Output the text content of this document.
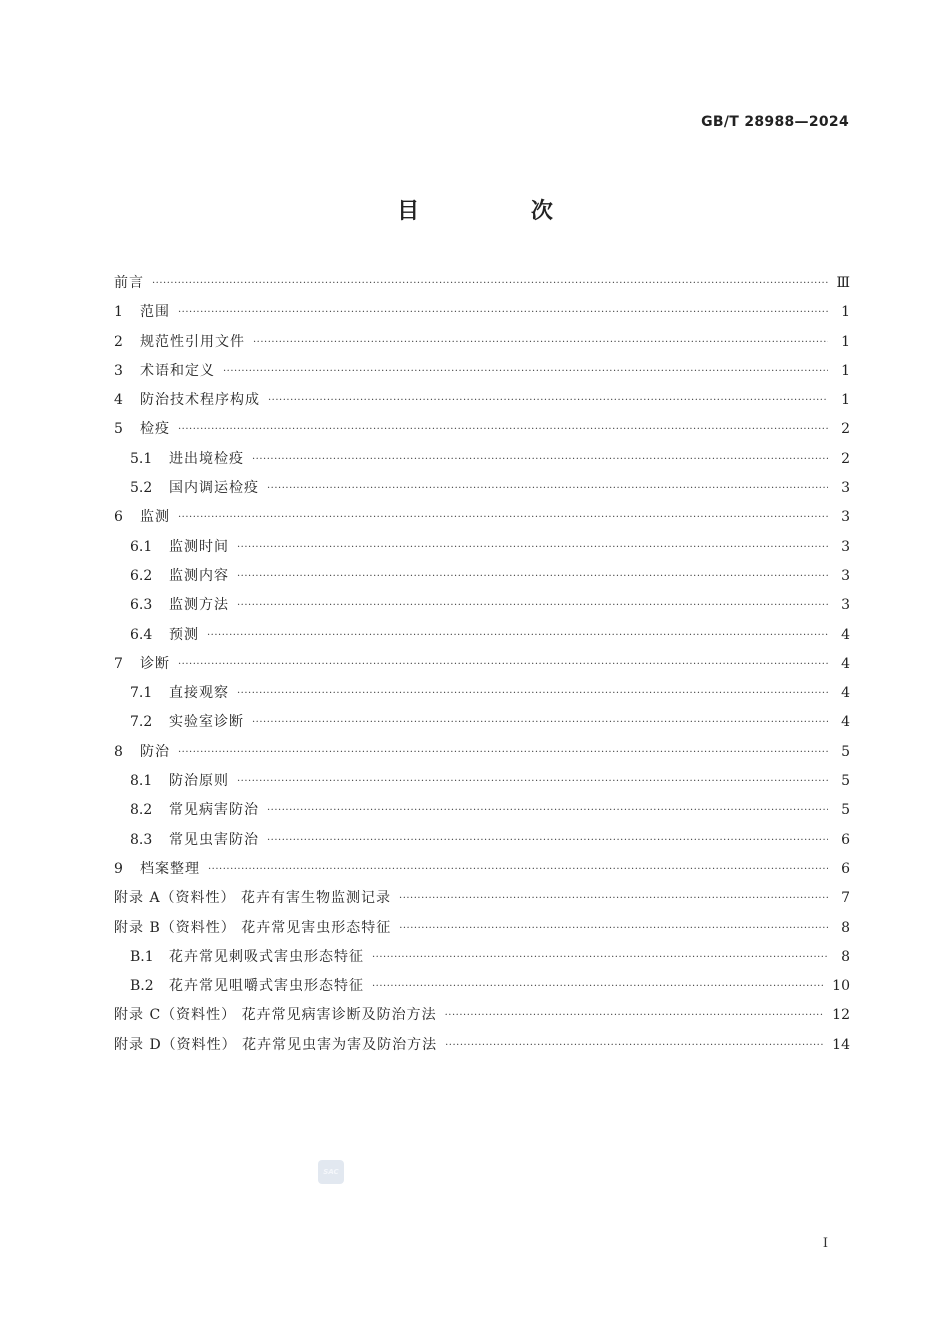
GB/T 28988—2024
目 次
前言 ·····	Ⅲ
1	范围 ·····	1
2	规范性引用文件 ·····	1
3	术语和定义 ·····	1
4	防治技术程序构成 ·····	1
5	检疫 ·····	2
5.1	进出境检疫 ·····	2
5.2	国内调运检疫 ·····	3
6	监测 ·····	3
6.1	监测时间 ·····	3
6.2	监测内容 ·····	3
6.3	监测方法 ·····	3
6.4	预测 ·····	4
7	诊断 ·····	4
7.1	直接观察 ·····	4
7.2	实验室诊断 ·····	4
8	防治 ·····	5
8.1	防治原则 ·····	5
8.2	常见病害防治 ·····	5
8.3	常见虫害防治 ·····	6
9	档案整理 ·····	6
附录 A（资料性） 花卉有害生物监测记录 ·····	7
附录 B（资料性） 花卉常见害虫形态特征 ·····	8
B.1	花卉常见刺吸式害虫形态特征 ·····	8
B.2	花卉常见咀嚼式害虫形态特征 ·····	10
附录 C（资料性） 花卉常见病害诊断及防治方法 ·····	12
附录 D（资料性） 花卉常见虫害为害及防治方法 ·····	14
SAC
I
